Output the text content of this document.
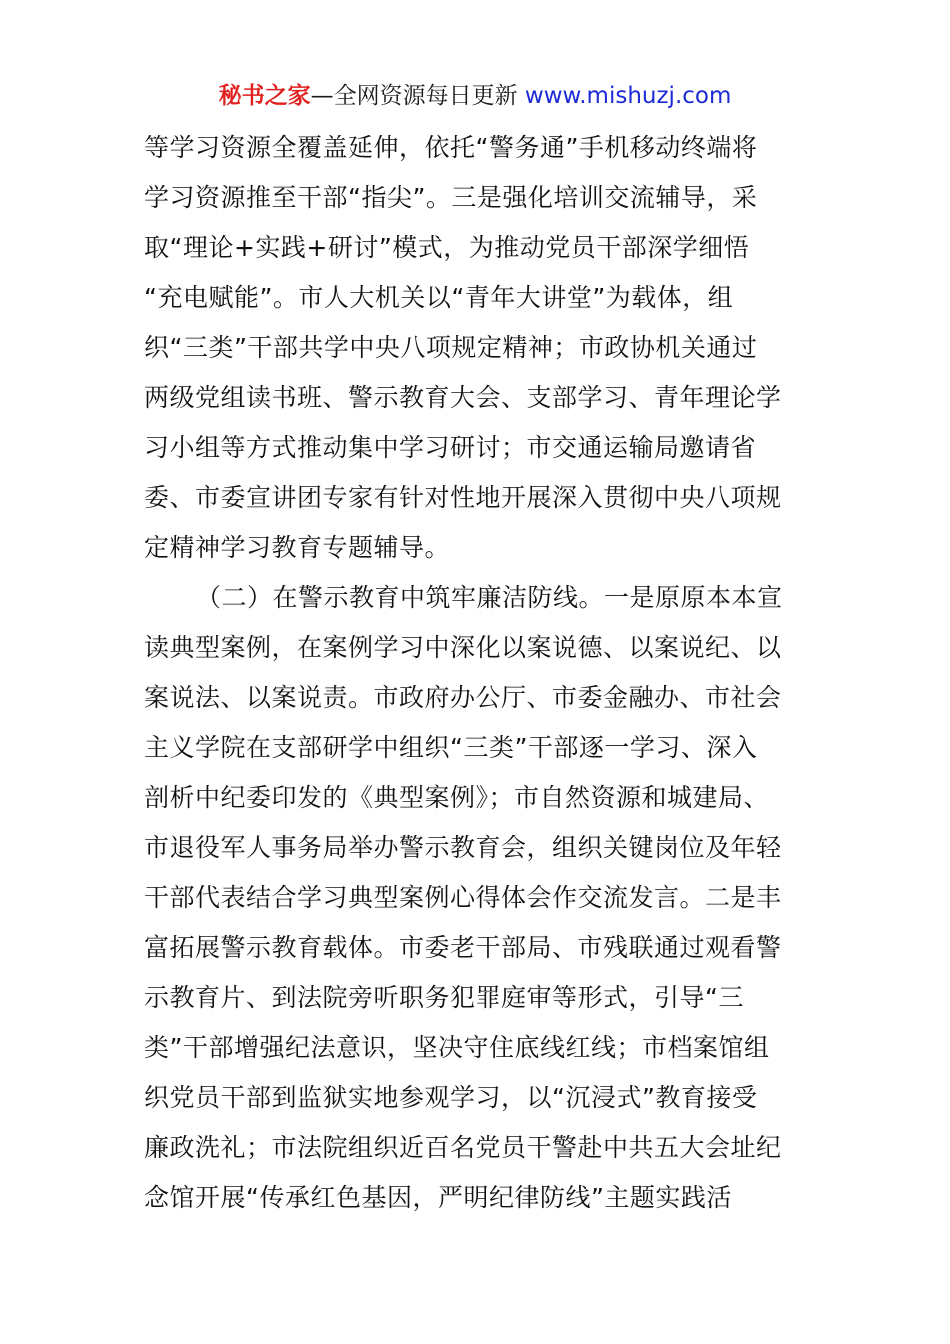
秘书之家—全网资源每日更新 www.mishuzj.com
等学习资源全覆盖延伸，依托“警务通”手机移动终端将
学习资源推至干部“指尖”。三是强化培训交流辅导，采
取“理论+实践+研讨”模式，为推动党员干部深学细悟
“充电赋能”。市人大机关以“青年大讲堂”为载体，组
织“三类”干部共学中央八项规定精神；市政协机关通过
两级党组读书班、警示教育大会、支部学习、青年理论学
习小组等方式推动集中学习研讨；市交通运输局邀请省
委、市委宣讲团专家有针对性地开展深入贯彻中央八项规
定精神学习教育专题辅导。
（二）在警示教育中筑牢廉洁防线。一是原原本本宣
读典型案例，在案例学习中深化以案说德、以案说纪、以
案说法、以案说责。市政府办公厅、市委金融办、市社会
主义学院在支部研学中组织“三类”干部逐一学习、深入
剖析中纪委印发的《典型案例》；市自然资源和城建局、
市退役军人事务局举办警示教育会，组织关键岗位及年轻
干部代表结合学习典型案例心得体会作交流发言。二是丰
富拓展警示教育载体。市委老干部局、市残联通过观看警
示教育片、到法院旁听职务犯罪庭审等形式，引导“三
类”干部增强纪法意识，坚决守住底线红线；市档案馆组
织党员干部到监狱实地参观学习，以“沉浸式”教育接受
廉政洗礼；市法院组织近百名党员干警赴中共五大会址纪
念馆开展“传承红色基因，严明纪律防线”主题实践活
